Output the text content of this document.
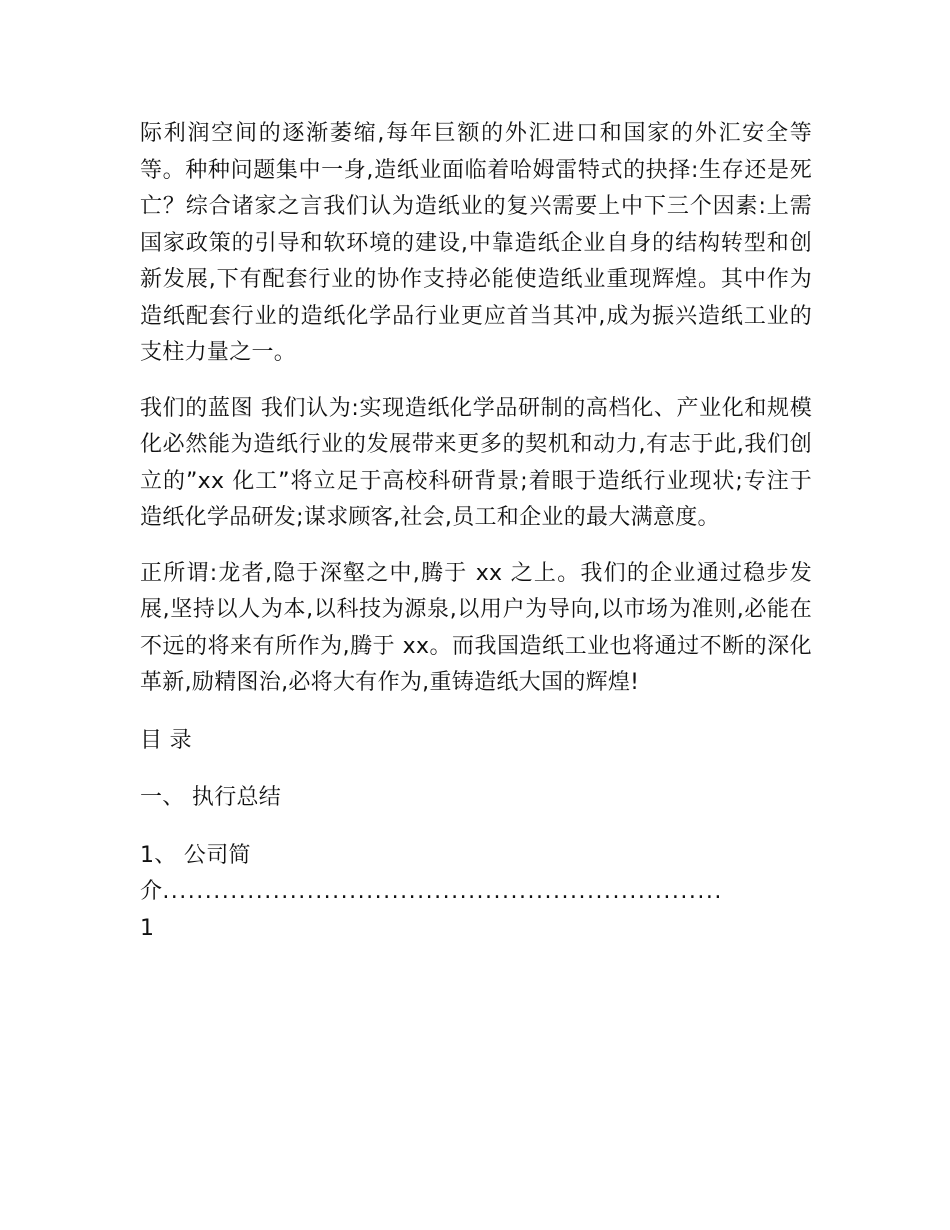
际利润空间的逐渐萎缩,每年巨额的外汇进口和国家的外汇安全等等。种种问题集中一身,造纸业面临着哈姆雷特式的抉择:生存还是死亡？综合诸家之言我们认为造纸业的复兴需要上中下三个因素:上需国家政策的引导和软环境的建设,中靠造纸企业自身的结构转型和创新发展,下有配套行业的协作支持必能使造纸业重现辉煌。其中作为造纸配套行业的造纸化学品行业更应首当其冲,成为振兴造纸工业的支柱力量之一。

我们的蓝图 我们认为:实现造纸化学品研制的高档化、产业化和规模化必然能为造纸行业的发展带来更多的契机和动力,有志于此,我们创立的”xx 化工”将立足于高校科研背景;着眼于造纸行业现状;专注于造纸化学品研发;谋求顾客,社会,员工和企业的最大满意度。

正所谓:龙者,隐于深壑之中,腾于 xx 之上。我们的企业通过稳步发展,坚持以人为本,以科技为源泉,以用户为导向,以市场为准则,必能在不远的将来有所作为,腾于 xx。而我国造纸工业也将通过不断的深化革新,励精图治,必将大有作为,重铸造纸大国的辉煌!

目 录
一、 执行总结
1、 公司简
介..................................................................
1
